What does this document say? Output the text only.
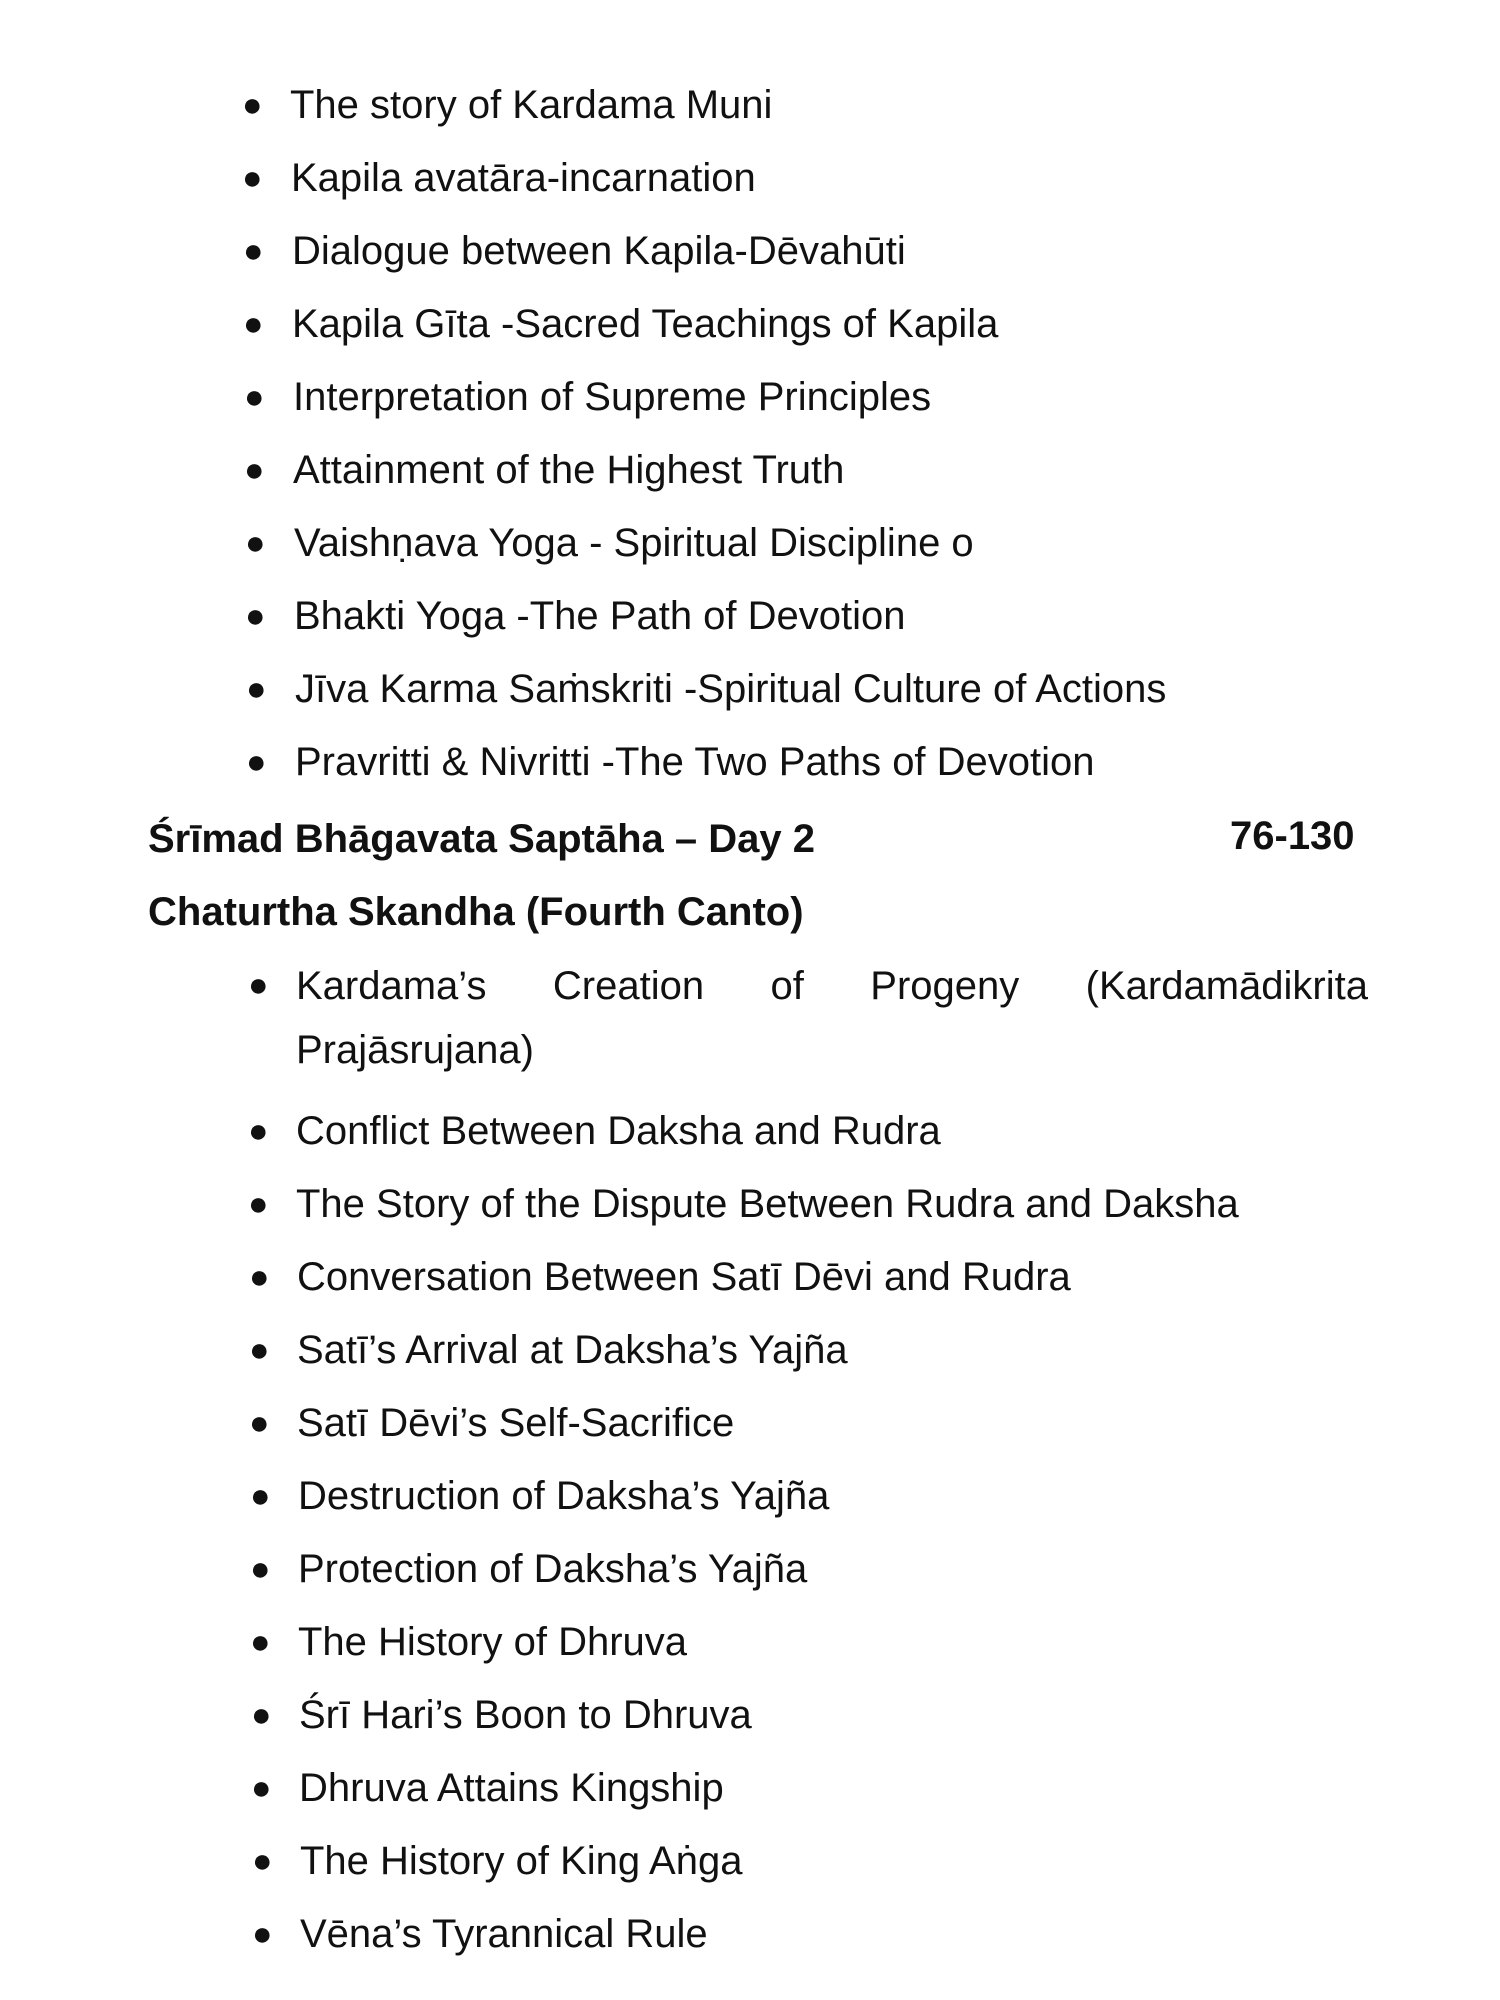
● The story of Kardama Muni
● Kapila avatāra-incarnation
● Dialogue between Kapila-Dēvahūti
● Kapila Gīta -Sacred Teachings of Kapila
● Interpretation of Supreme Principles
● Attainment of the Highest Truth
● Vaishṇava Yoga - Spiritual Discipline o
● Bhakti Yoga -The Path of Devotion
● Jīva Karma Saṁskriti -Spiritual Culture of Actions
● Pravritti & Nivritti -The Two Paths of Devotion
Śrīmad Bhāgavata Saptāha – Day 2	76-130
Chaturtha Skandha (Fourth Canto)
● Kardama’s Creation of Progeny (Kardamādikrita Prajāsrujana)
● Conflict Between Daksha and Rudra
● The Story of the Dispute Between Rudra and Daksha
● Conversation Between Satī Dēvi and Rudra
● Satī’s Arrival at Daksha’s Yajña
● Satī Dēvi’s Self-Sacrifice
● Destruction of Daksha’s Yajña
● Protection of Daksha’s Yajña
● The History of Dhruva
● Śrī Hari’s Boon to Dhruva
● Dhruva Attains Kingship
● The History of King Aṅga
● Vēna’s Tyrannical Rule
